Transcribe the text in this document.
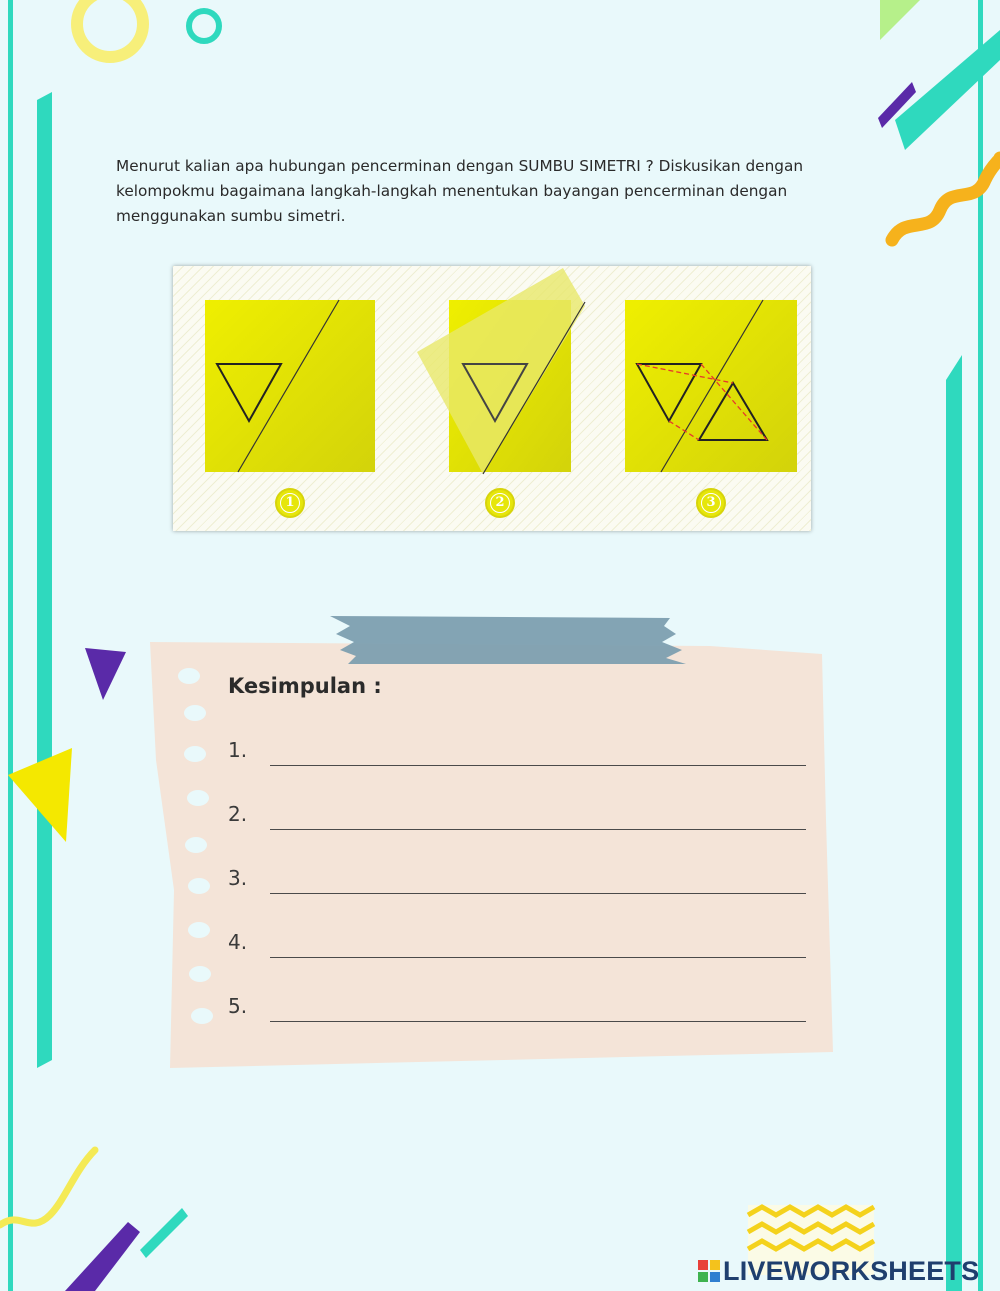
Menurut kalian apa hubungan pencerminan dengan SUMBU SIMETRI ? Diskusikan dengan kelompokmu bagaimana langkah-langkah menentukan bayangan pencerminan dengan menggunakan sumbu simetri.
1	2	3
Kesimpulan :
1.
2.
3.
4.
5.
LIVEWORKSHEETS
